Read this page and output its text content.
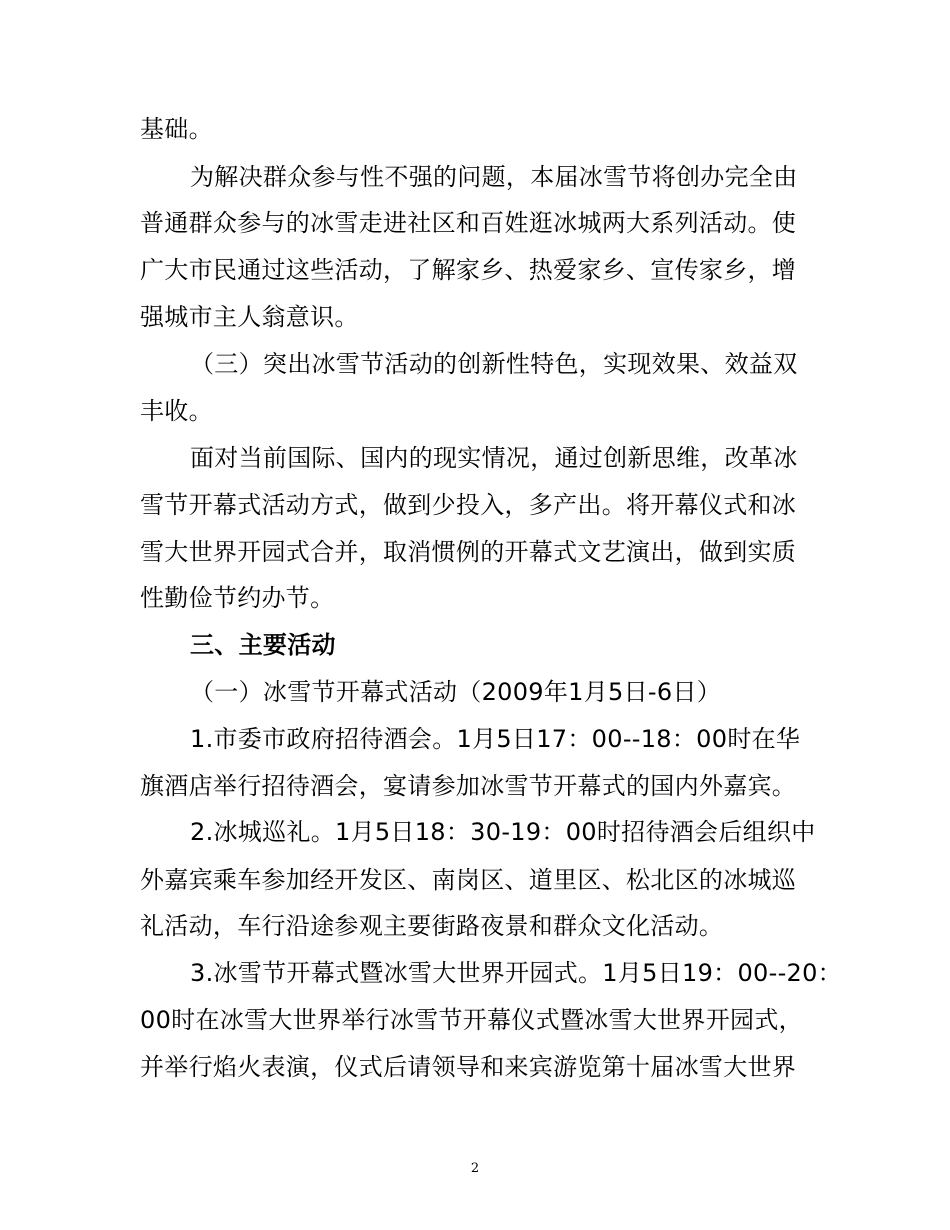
基础。
为解决群众参与性不强的问题，本届冰雪节将创办完全由
普通群众参与的冰雪走进社区和百姓逛冰城两大系列活动。使
广大市民通过这些活动，了解家乡、热爱家乡、宣传家乡，增
强城市主人翁意识。
（三）突出冰雪节活动的创新性特色，实现效果、效益双
丰收。
面对当前国际、国内的现实情况，通过创新思维，改革冰
雪节开幕式活动方式，做到少投入，多产出。将开幕仪式和冰
雪大世界开园式合并，取消惯例的开幕式文艺演出，做到实质
性勤俭节约办节。
三、主要活动
（一）冰雪节开幕式活动（2009年1月5日-6日）
1.市委市政府招待酒会。1月5日17：00--18：00时在华
旗酒店举行招待酒会，宴请参加冰雪节开幕式的国内外嘉宾。
2.冰城巡礼。1月5日18：30-19：00时招待酒会后组织中
外嘉宾乘车参加经开发区、南岗区、道里区、松北区的冰城巡
礼活动，车行沿途参观主要街路夜景和群众文化活动。
3.冰雪节开幕式暨冰雪大世界开园式。1月5日19：00--20：
00时在冰雪大世界举行冰雪节开幕仪式暨冰雪大世界开园式，
并举行焰火表演，仪式后请领导和来宾游览第十届冰雪大世界
2
